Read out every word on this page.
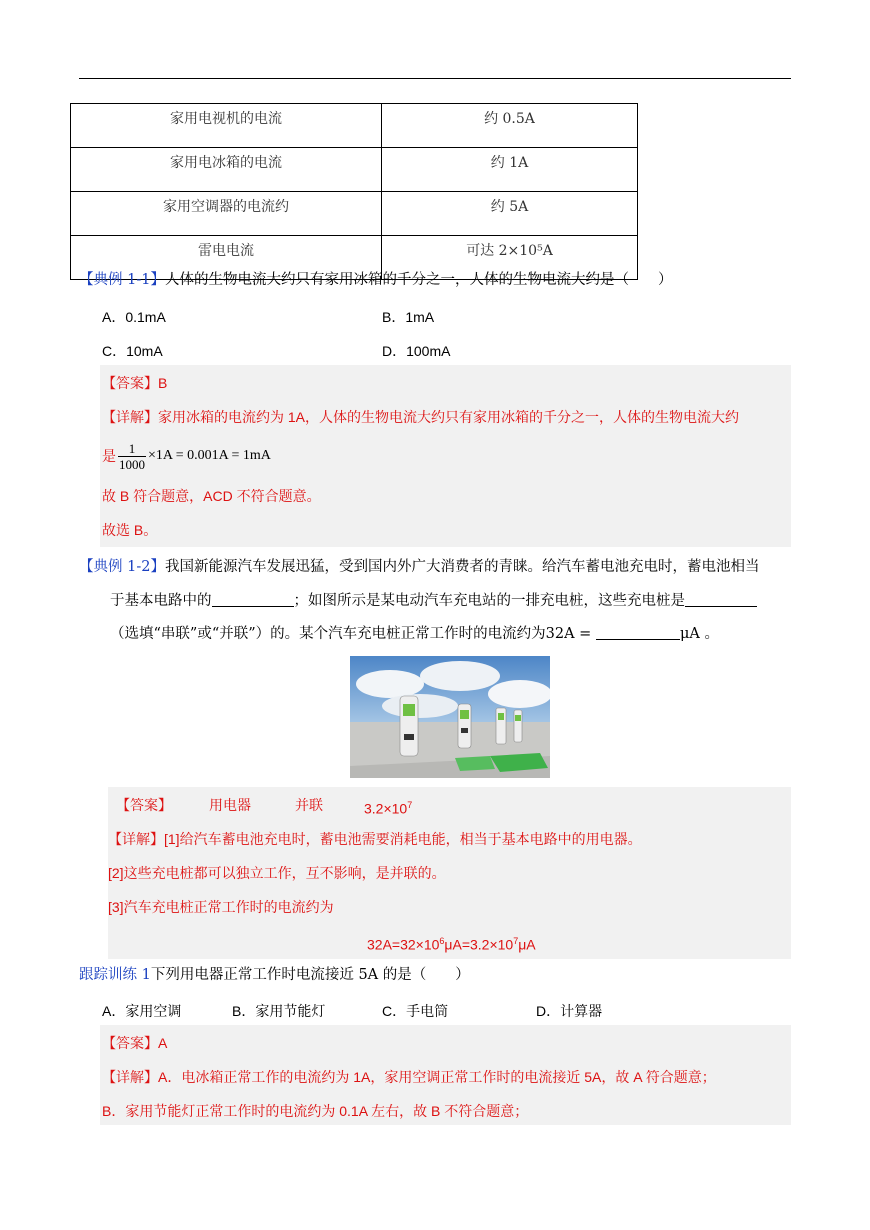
家用电视机的电流	约 0.5A
家用电冰箱的电流	约 1A
家用空调器的电流约	约 5A
雷电电流	可达 2×10⁵A
【典例 1-1】人体的生物电流大约只有家用冰箱的千分之一，人体的生物电流大约是（　　）
A．0.1mA	B．1mA
C．10mA	D．100mA
【答案】B
【详解】家用冰箱的电流约为 1A，人体的生物电流大约只有家用冰箱的千分之一，人体的生物电流大约
是 $\frac{1}{1000} \times 1A = 0.001A = 1mA$
故 B 符合题意，ACD 不符合题意。
故选 B。
【典例 1-2】我国新能源汽车发展迅猛，受到国内外广大消费者的青睐。给汽车蓄电池充电时，蓄电池相当
于基本电路中的	；如图所示是某电动汽车充电站的一排充电桩，这些充电桩是
（选填“串联”或“并联”）的。某个汽车充电桩正常工作时的电流约为32A =	μA 。
【答案】	用电器	并联	$3.2\times 10^7$
【详解】[1]给汽车蓄电池充电时，蓄电池需要消耗电能，相当于基本电路中的用电器。
[2]这些充电桩都可以独立工作，互不影响，是并联的。
[3]汽车充电桩正常工作时的电流约为
$32A=32\times 10^6\mu A=3.2\times 10^7\mu A$
跟踪训练 1下列用电器正常工作时电流接近 5A 的是（　　）
A．家用空调	B．家用节能灯	C．手电筒	D．计算器
【答案】A
【详解】A．电冰箱正常工作的电流约为 1A，家用空调正常工作时的电流接近 5A，故 A 符合题意；
B．家用节能灯正常工作时的电流约为 0.1A 左右，故 B 不符合题意；
